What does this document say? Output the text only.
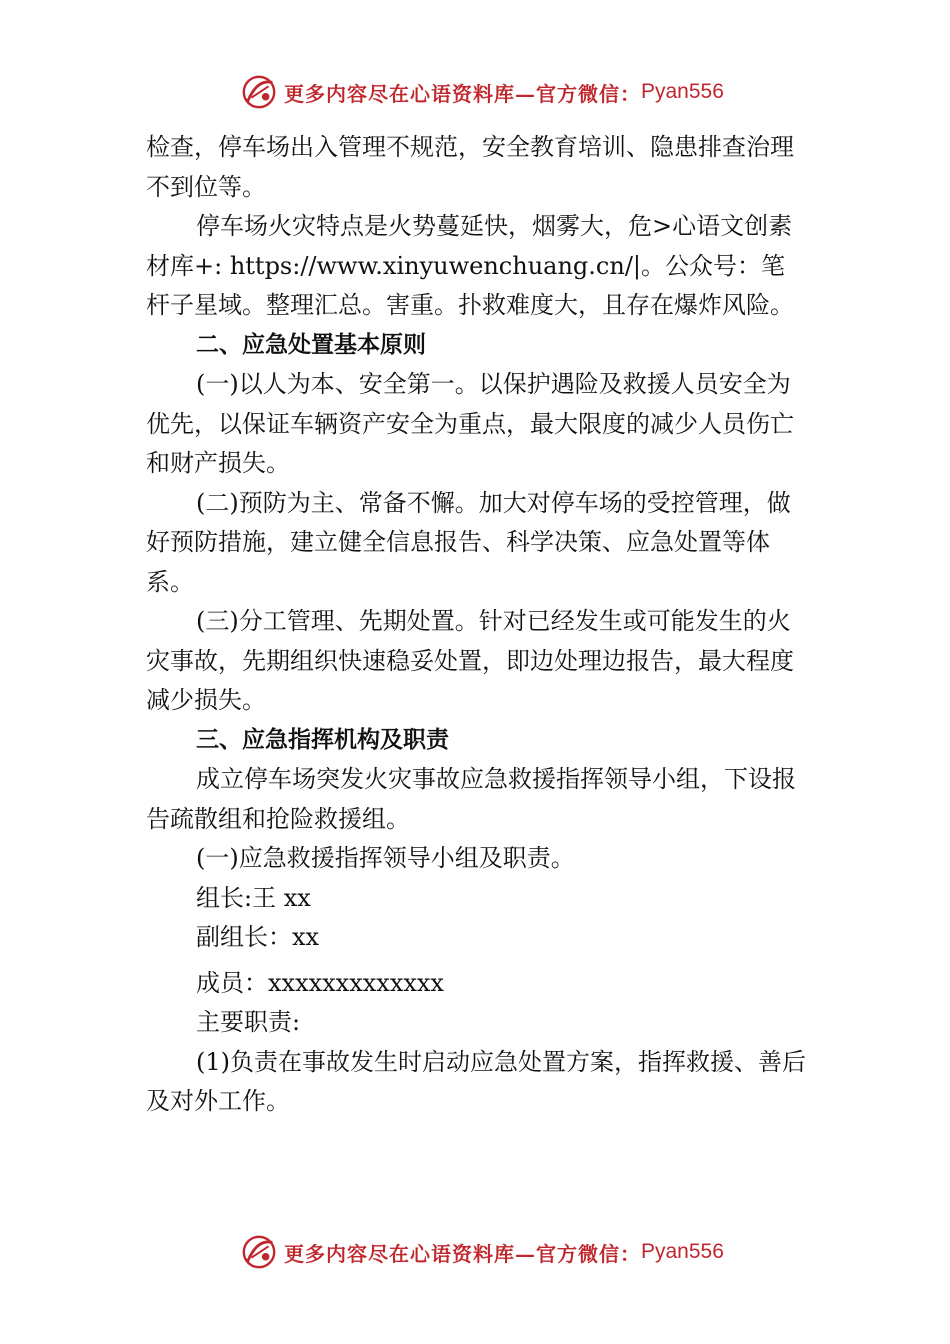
更多内容尽在心语资料库—官方微信： Pyan556

检查，停车场出入管理不规范，安全教育培训、隐患排查治理不到位等。

停车场火灾特点是火势蔓延快，烟雾大，危>心语文创素材库+: https://www.xinyuwenchuang.cn/|。公众号：笔杆子星域。整理汇总。害重。扑救难度大，且存在爆炸风险。

二、应急处置基本原则

(一)以人为本、安全第一。以保护遇险及救援人员安全为优先，以保证车辆资产安全为重点，最大限度的减少人员伤亡和财产损失。

(二)预防为主、常备不懈。加大对停车场的受控管理，做好预防措施，建立健全信息报告、科学决策、应急处置等体系。

(三)分工管理、先期处置。针对已经发生或可能发生的火灾事故，先期组织快速稳妥处置，即边处理边报告，最大程度减少损失。

三、应急指挥机构及职责

成立停车场突发火灾事故应急救援指挥领导小组，下设报告疏散组和抢险救援组。

(一)应急救援指挥领导小组及职责。

组长:王 xx

副组长：xx

成员：xxxxxxxxxxxxx

主要职责:

(1)负责在事故发生时启动应急处置方案，指挥救援、善后及对外工作。

更多内容尽在心语资料库—官方微信： Pyan556
